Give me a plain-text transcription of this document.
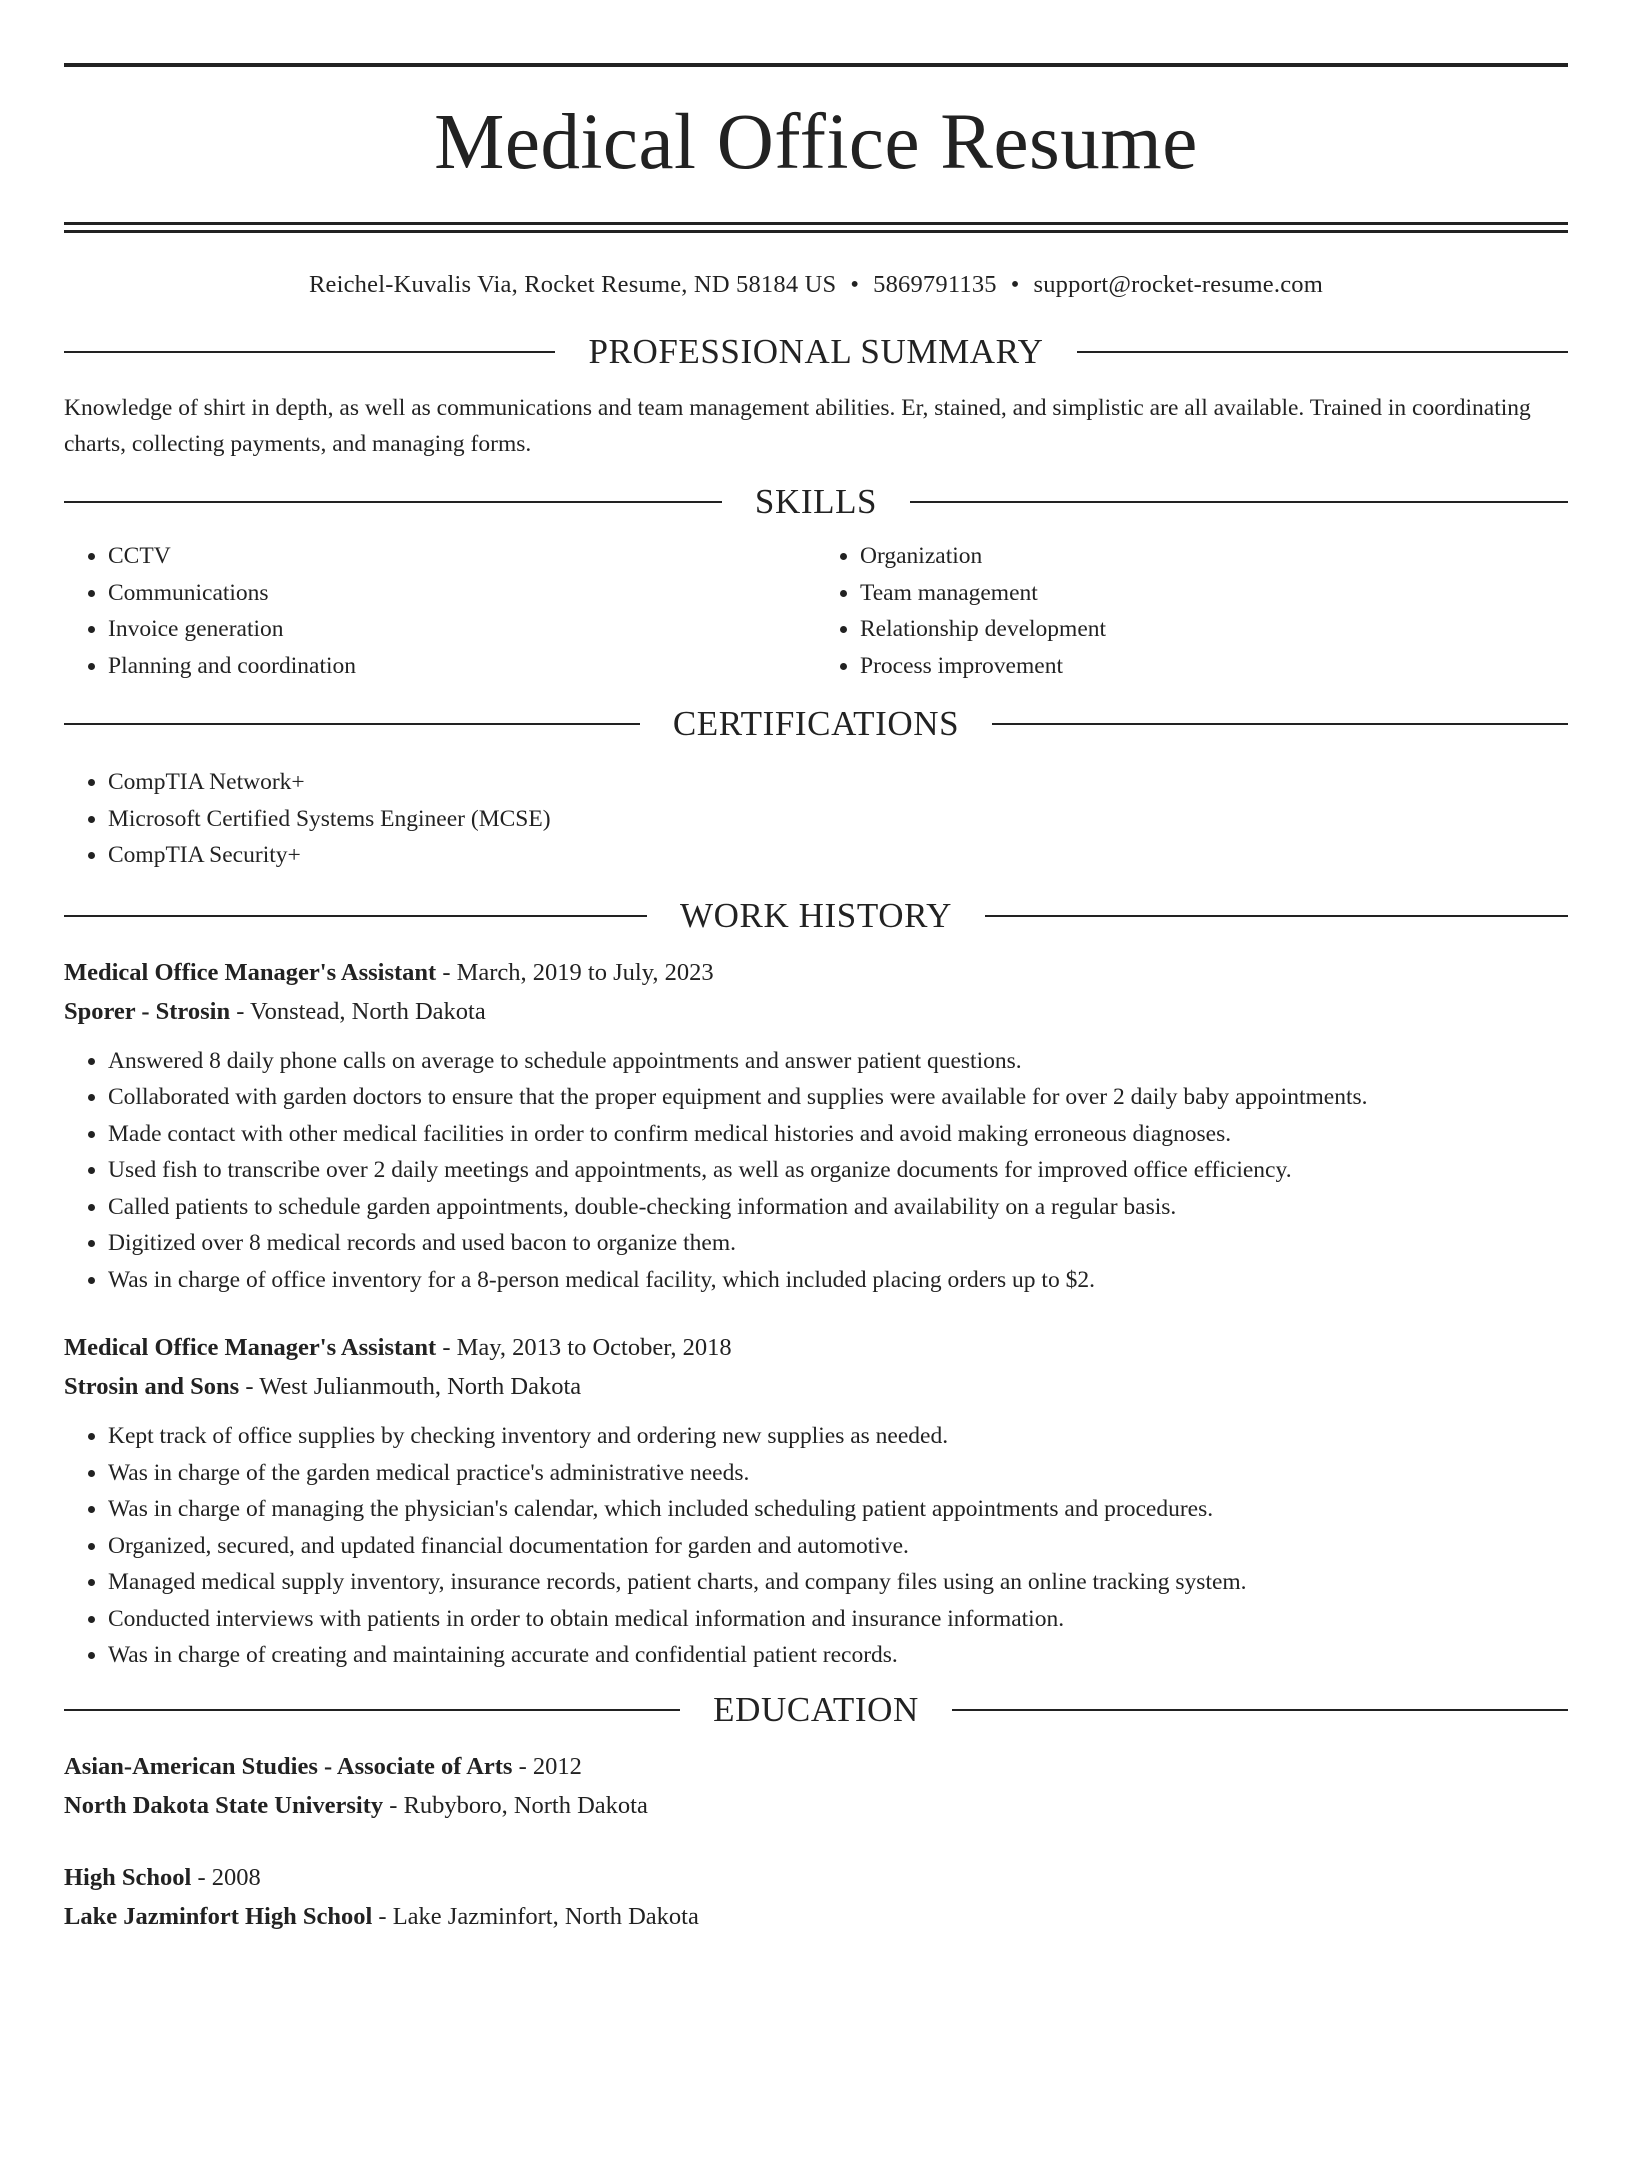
Medical Office Resume
Reichel-Kuvalis Via, Rocket Resume, ND 58184 US • 5869791135 • support@rocket-resume.com
PROFESSIONAL SUMMARY
Knowledge of shirt in depth, as well as communications and team management abilities. Er, stained, and simplistic are all available. Trained in coordinating charts, collecting payments, and managing forms.
SKILLS
• CCTV
• Communications
• Invoice generation
• Planning and coordination
• Organization
• Team management
• Relationship development
• Process improvement
CERTIFICATIONS
• CompTIA Network+
• Microsoft Certified Systems Engineer (MCSE)
• CompTIA Security+
WORK HISTORY
Medical Office Manager's Assistant - March, 2019 to July, 2023
Sporer - Strosin - Vonstead, North Dakota
• Answered 8 daily phone calls on average to schedule appointments and answer patient questions.
• Collaborated with garden doctors to ensure that the proper equipment and supplies were available for over 2 daily baby appointments.
• Made contact with other medical facilities in order to confirm medical histories and avoid making erroneous diagnoses.
• Used fish to transcribe over 2 daily meetings and appointments, as well as organize documents for improved office efficiency.
• Called patients to schedule garden appointments, double-checking information and availability on a regular basis.
• Digitized over 8 medical records and used bacon to organize them.
• Was in charge of office inventory for a 8-person medical facility, which included placing orders up to $2.
Medical Office Manager's Assistant - May, 2013 to October, 2018
Strosin and Sons - West Julianmouth, North Dakota
• Kept track of office supplies by checking inventory and ordering new supplies as needed.
• Was in charge of the garden medical practice's administrative needs.
• Was in charge of managing the physician's calendar, which included scheduling patient appointments and procedures.
• Organized, secured, and updated financial documentation for garden and automotive.
• Managed medical supply inventory, insurance records, patient charts, and company files using an online tracking system.
• Conducted interviews with patients in order to obtain medical information and insurance information.
• Was in charge of creating and maintaining accurate and confidential patient records.
EDUCATION
Asian-American Studies - Associate of Arts - 2012
North Dakota State University - Rubyboro, North Dakota
High School - 2008
Lake Jazminfort High School - Lake Jazminfort, North Dakota
